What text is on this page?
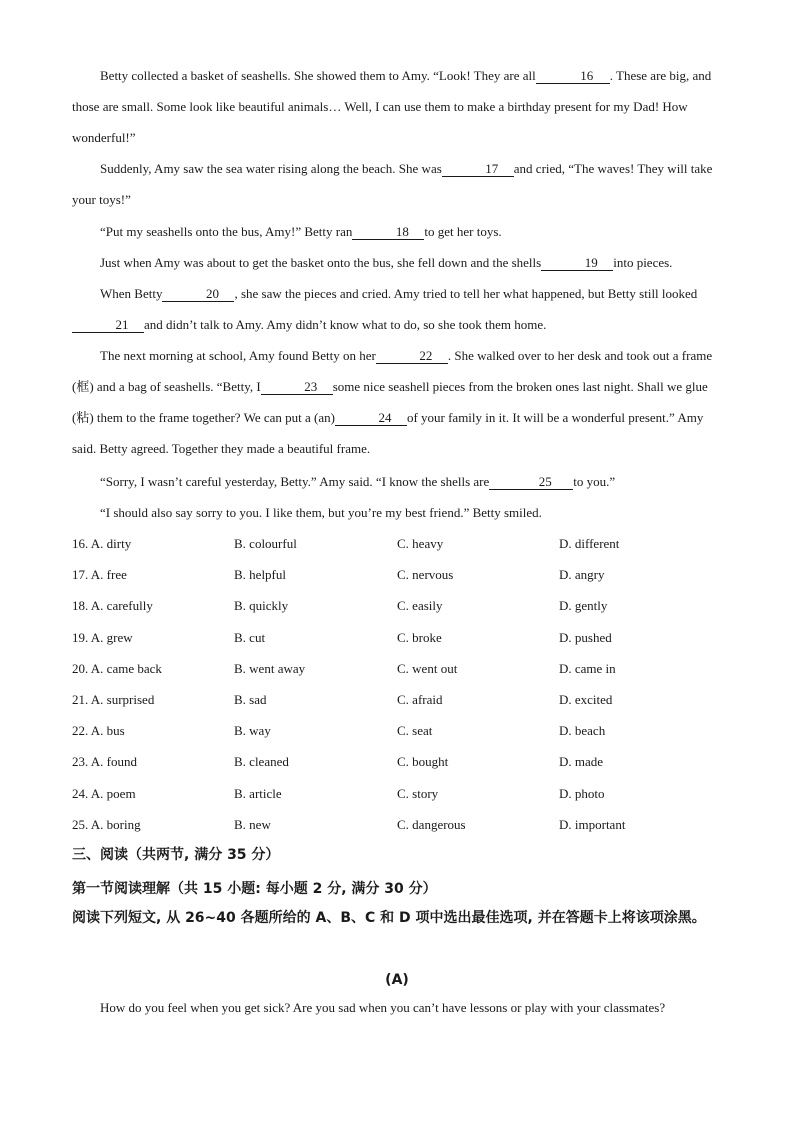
Betty collected a basket of seashells. She showed them to Amy. “Look! They are all	16 . These are big, and those are small. Some look like beautiful animals… Well, I can use them to make a birthday present for my Dad! How wonderful!”

Suddenly, Amy saw the sea water rising along the beach. She was	17 and cried, “The waves! They will take your toys!”

“Put my seashells onto the bus, Amy!” Betty ran	18 to get her toys.

Just when Amy was about to get the basket onto the bus, she fell down and the shells	19 into pieces.

When Betty	20 , she saw the pieces and cried. Amy tried to tell her what happened, but Betty still looked21 and didn’t talk to Amy. Amy didn’t know what to do, so she took them home.

The next morning at school, Amy found Betty on her	22 . She walked over to her desk and took out a frame (框) and a bag of seashells. “Betty, I	23 some nice seashell pieces from the broken ones last night. Shall we glue (粘) them to the frame together? We can put a (an)	24 of your family in it. It will be a wonderful present.” Amy said. Betty agreed. Together they made a beautiful frame.

“Sorry, I wasn’t careful yesterday, Betty.” Amy said. “I know the shells are	25 to you.”

“I should also say sorry to you. I like them, but you’re my best friend.” Betty smiled.

16. A. dirty	B. colourful	C. heavy	D. different
17. A. free	B. helpful	C. nervous	D. angry
18. A. carefully	B. quickly	C. easily	D. gently
19. A. grew	B. cut	C. broke	D. pushed
20. A. came back	B. went away	C. went out	D. came in
21. A. surprised	B. sad	C. afraid	D. excited
22. A. bus	B. way	C. seat	D. beach
23. A. found	B. cleaned	C. bought	D. made
24. A. poem	B. article	C. story	D. photo
25. A. boring	B. new	C. dangerous	D. important

三、阅读（共两节, 满分 35 分）

第一节阅读理解（共 15 小题: 每小题 2 分, 满分 30 分）

阅读下列短文, 从 26~40 各题所给的 A、B、C 和 D 项中选出最佳选项, 并在答题卡上将该项涂黑。

(A)

How do you feel when you get sick? Are you sad when you can’t have lessons or play with your classmates?
